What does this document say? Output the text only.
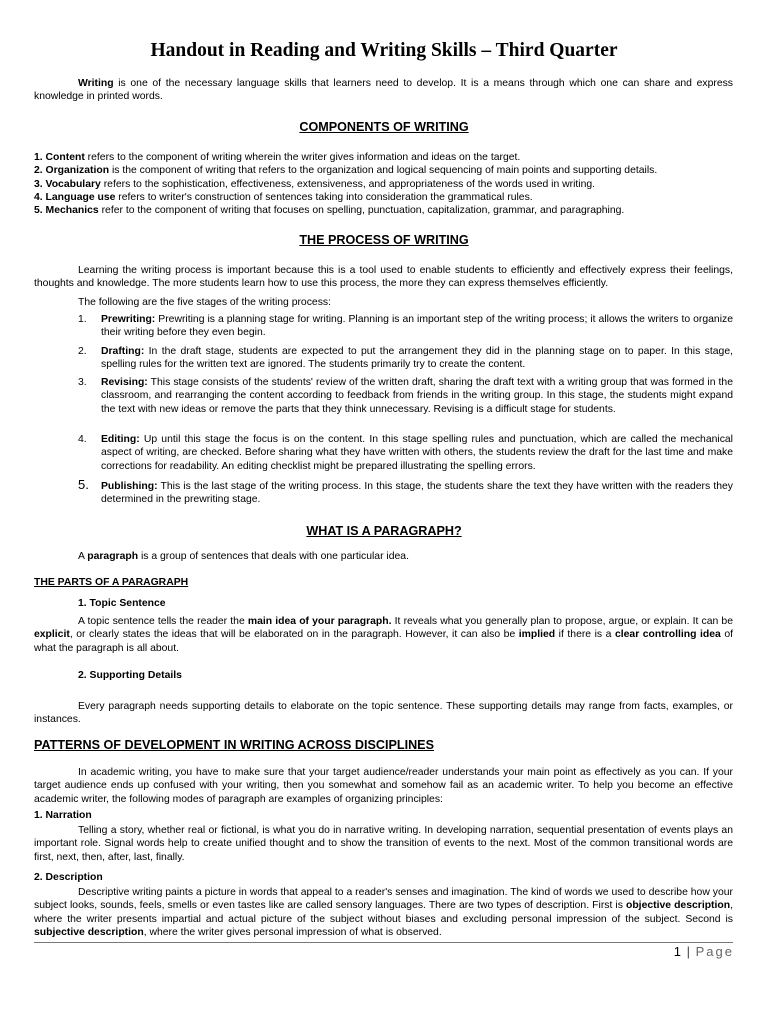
Handout in Reading and Writing Skills – Third Quarter

Writing is one of the necessary language skills that learners need to develop. It is a means through which one can share and express knowledge in printed words.

COMPONENTS OF WRITING

1. Content refers to the component of writing wherein the writer gives information and ideas on the target.

2. Organization is the component of writing that refers to the organization and logical sequencing of main points and supporting details.

3. Vocabulary refers to the sophistication, effectiveness, extensiveness, and appropriateness of the words used in writing.

4. Language use refers to writer's construction of sentences taking into consideration the grammatical rules.

5. Mechanics refer to the component of writing that focuses on spelling, punctuation, capitalization, grammar, and paragraphing.

THE PROCESS OF WRITING

Learning the writing process is important because this is a tool used to enable students to efficiently and effectively express their feelings, thoughts and knowledge. The more students learn how to use this process, the more they can express themselves efficiently.

The following are the five stages of the writing process:

1. Prewriting: Prewriting is a planning stage for writing. Planning is an important step of the writing process; it allows the writers to organize their writing before they even begin.
2. Drafting: In the draft stage, students are expected to put the arrangement they did in the planning stage on to paper. In this stage, spelling rules for the written text are ignored. The students primarily try to create the content.
3. Revising: This stage consists of the students' review of the written draft, sharing the draft text with a writing group that was formed in the classroom, and rearranging the content according to feedback from friends in the writing group. In this stage, the students might expand the text with new ideas or remove the parts that they think unnecessary. Revising is a difficult stage for students.
4. Editing: Up until this stage the focus is on the content. In this stage spelling rules and punctuation, which are called the mechanical aspect of writing, are checked. Before sharing what they have written with others, the students review the draft for the last time and make corrections for readability. An editing checklist might be prepared illustrating the spelling errors.
5. Publishing: This is the last stage of the writing process. In this stage, the students share the text they have written with the readers they determined in the prewriting stage.
WHAT IS A PARAGRAPH?

A paragraph is a group of sentences that deals with one particular idea.

THE PARTS OF A PARAGRAPH
1. Topic Sentence

A topic sentence tells the reader the main idea of your paragraph. It reveals what you generally plan to propose, argue, or explain. It can be explicit, or clearly states the ideas that will be elaborated on in the paragraph. However, it can also be implied if there is a clear controlling idea of what the paragraph is all about.

2. Supporting Details

Every paragraph needs supporting details to elaborate on the topic sentence. These supporting details may range from facts, examples, or instances.

PATTERNS OF DEVELOPMENT IN WRITING ACROSS DISCIPLINES

In academic writing, you have to make sure that your target audience/reader understands your main point as effectively as you can. If your target audience ends up confused with your writing, then you somewhat and somehow fail as an academic writer. To help you become an effective academic writer, the following modes of paragraph are examples of organizing principles:

1. Narration

Telling a story, whether real or fictional, is what you do in narrative writing. In developing narration, sequential presentation of events plays an important role. Signal words help to create unified thought and to show the transition of events to the next. Most of the common transitional words are first, next, then, after, last, finally.

2. Description

Descriptive writing paints a picture in words that appeal to a reader's senses and imagination. The kind of words we used to describe how your subject looks, sounds, feels, smells or even tastes like are called sensory languages. There are two types of description. First is objective description, where the writer presents impartial and actual picture of the subject without biases and excluding personal impression of the subject. Second is subjective description, where the writer gives personal impression of what is observed.

1 | Page
